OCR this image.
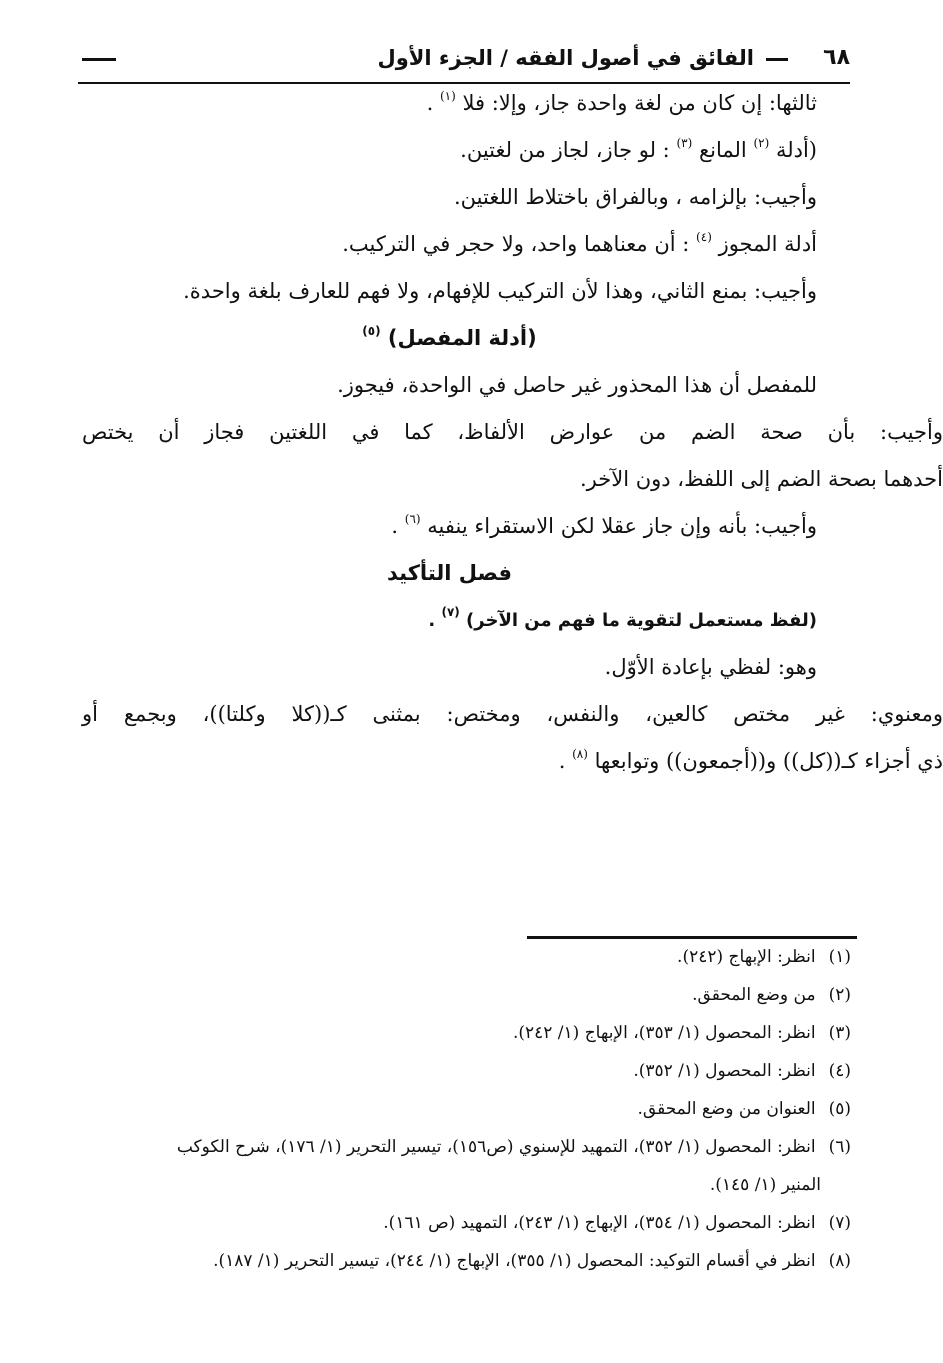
٦٨
الفائق في أصول الفقه / الجزء الأول
ثالثها: إن كان من لغة واحدة جاز، وإلا: فلا $^{(١)}$ .
(أدلة $^{(٢)}$ المانع $^{(٣)}$ : لو جاز، لجاز من لغتين.
وأجيب: بإلزامه ، وبالفراق باختلاط اللغتين.
أدلة المجوز $^{(٤)}$ : أن معناهما واحد، ولا حجر في التركيب.
وأجيب: بمنع الثاني، وهذا لأن التركيب للإفهام، ولا فهم للعارف بلغة واحدة.
(أدلة المفصل) $^{(٥)}$
للمفصل أن هذا المحذور غير حاصل في الواحدة، فيجوز.
وأجيب: بأن صحة الضم من عوارض الألفاظ، كما في اللغتين فجاز أن يختص
أحدهما بصحة الضم إلى اللفظ، دون الآخر.
وأجيب: بأنه وإن جاز عقلا لكن الاستقراء ينفيه $^{(٦)}$ .
فصل التأكيد
(لفظ مستعمل لتقوية ما فهم من الآخر) $^{(٧)}$ .
وهو: لفظي بإعادة الأوّل.
ومعنوي: غير مختص كالعين، والنفس، ومختص: بمثنى كـ((كلا وكلتا))، وبجمع أو
ذي أجزاء كـ((كل)) و((أجمعون)) وتوابعها $^{(٨)}$ .
(١) انظر: الإبهاج (٢٤٢).
(٢) من وضع المحقق.
(٣) انظر: المحصول (١/ ٣٥٣)، الإبهاج (١/ ٢٤٢).
(٤) انظر: المحصول (١/ ٣٥٢).
(٥) العنوان من وضع المحقق.
(٦) انظر: المحصول (١/ ٣٥٢)، التمهيد للإسنوي (ص١٥٦)، تيسير التحرير (١/ ١٧٦)، شرح الكوكب
المنير (١/ ١٤٥).
(٧) انظر: المحصول (١/ ٣٥٤)، الإبهاج (١/ ٢٤٣)، التمهيد (ص ١٦١).
(٨) انظر في أقسام التوكيد: المحصول (١/ ٣٥٥)، الإبهاج (١/ ٢٤٤)، تيسير التحرير (١/ ١٨٧).
